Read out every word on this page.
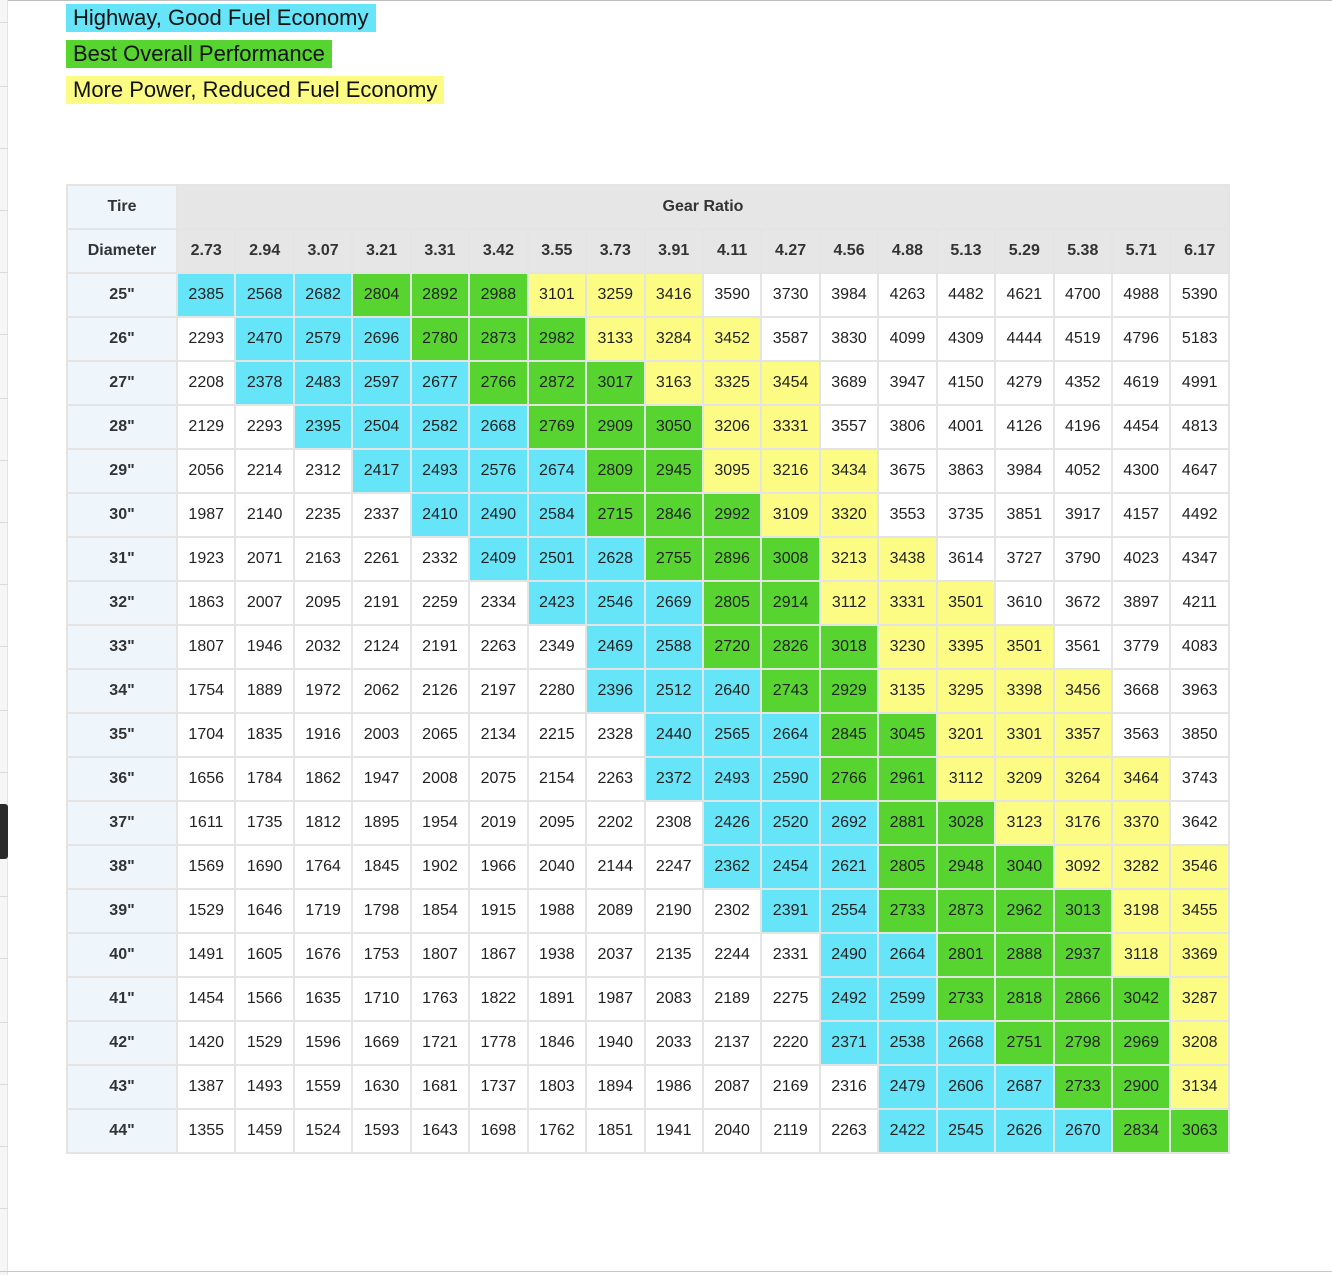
Highway, Good Fuel Economy
Best Overall Performance
More Power, Reduced Fuel Economy
Tire	Gear Ratio																	
Diameter	2.73	2.94	3.07	3.21	3.31	3.42	3.55	3.73	3.91	4.11	4.27	4.56	4.88	5.13	5.29	5.38	5.71	6.17
25"	2385	2568	2682	2804	2892	2988	3101	3259	3416	3590	3730	3984	4263	4482	4621	4700	4988	5390
26"	2293	2470	2579	2696	2780	2873	2982	3133	3284	3452	3587	3830	4099	4309	4444	4519	4796	5183
27"	2208	2378	2483	2597	2677	2766	2872	3017	3163	3325	3454	3689	3947	4150	4279	4352	4619	4991
28"	2129	2293	2395	2504	2582	2668	2769	2909	3050	3206	3331	3557	3806	4001	4126	4196	4454	4813
29"	2056	2214	2312	2417	2493	2576	2674	2809	2945	3095	3216	3434	3675	3863	3984	4052	4300	4647
30"	1987	2140	2235	2337	2410	2490	2584	2715	2846	2992	3109	3320	3553	3735	3851	3917	4157	4492
31"	1923	2071	2163	2261	2332	2409	2501	2628	2755	2896	3008	3213	3438	3614	3727	3790	4023	4347
32"	1863	2007	2095	2191	2259	2334	2423	2546	2669	2805	2914	3112	3331	3501	3610	3672	3897	4211
33"	1807	1946	2032	2124	2191	2263	2349	2469	2588	2720	2826	3018	3230	3395	3501	3561	3779	4083
34"	1754	1889	1972	2062	2126	2197	2280	2396	2512	2640	2743	2929	3135	3295	3398	3456	3668	3963
35"	1704	1835	1916	2003	2065	2134	2215	2328	2440	2565	2664	2845	3045	3201	3301	3357	3563	3850
36"	1656	1784	1862	1947	2008	2075	2154	2263	2372	2493	2590	2766	2961	3112	3209	3264	3464	3743
37"	1611	1735	1812	1895	1954	2019	2095	2202	2308	2426	2520	2692	2881	3028	3123	3176	3370	3642
38"	1569	1690	1764	1845	1902	1966	2040	2144	2247	2362	2454	2621	2805	2948	3040	3092	3282	3546
39"	1529	1646	1719	1798	1854	1915	1988	2089	2190	2302	2391	2554	2733	2873	2962	3013	3198	3455
40"	1491	1605	1676	1753	1807	1867	1938	2037	2135	2244	2331	2490	2664	2801	2888	2937	3118	3369
41"	1454	1566	1635	1710	1763	1822	1891	1987	2083	2189	2275	2492	2599	2733	2818	2866	3042	3287
42"	1420	1529	1596	1669	1721	1778	1846	1940	2033	2137	2220	2371	2538	2668	2751	2798	2969	3208
43"	1387	1493	1559	1630	1681	1737	1803	1894	1986	2087	2169	2316	2479	2606	2687	2733	2900	3134
44"	1355	1459	1524	1593	1643	1698	1762	1851	1941	2040	2119	2263	2422	2545	2626	2670	2834	3063
